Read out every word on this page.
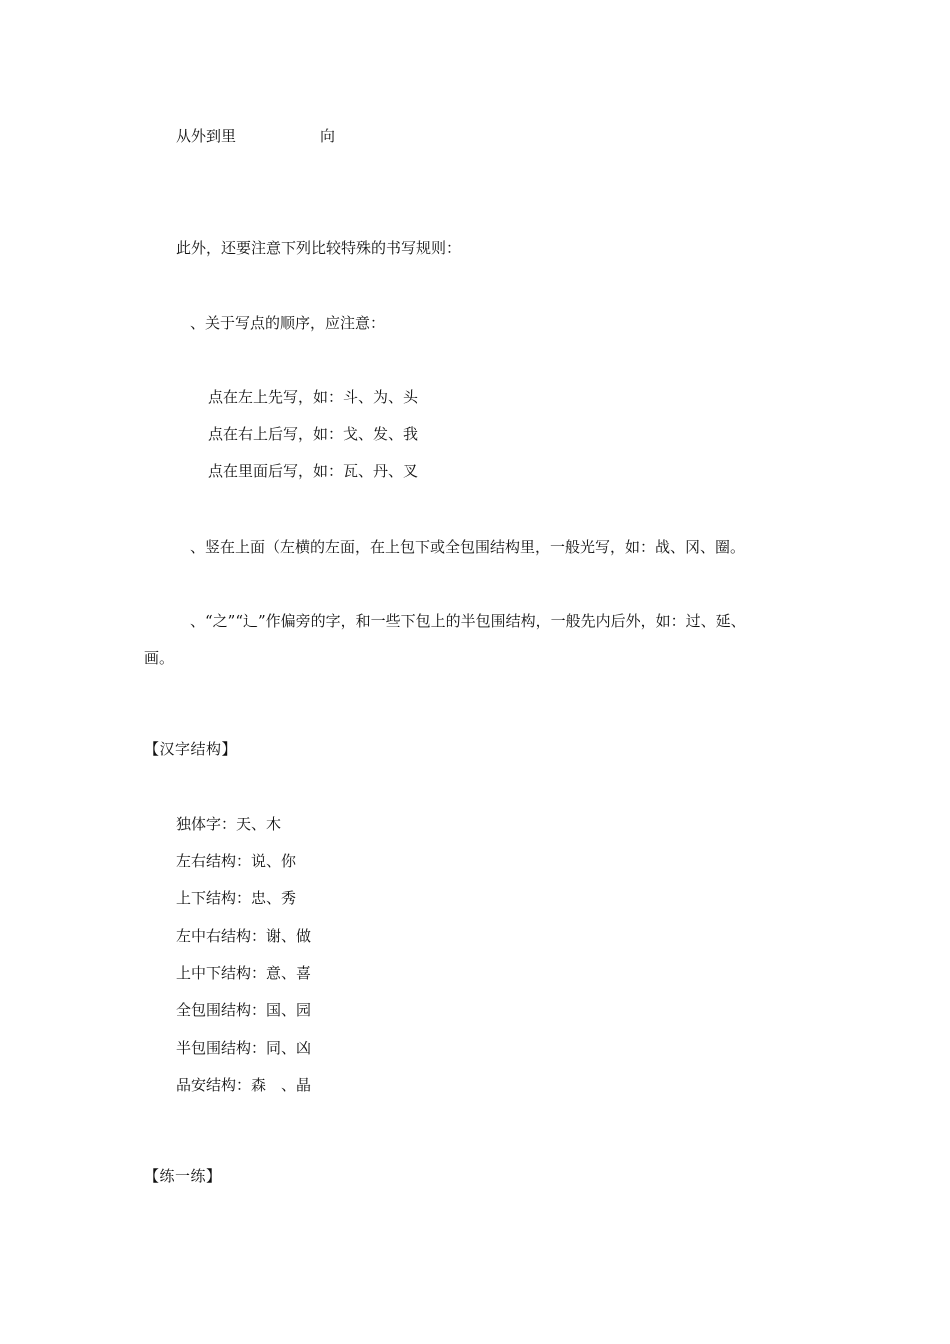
从外到里	向

此外，还要注意下列比较特殊的书写规则：

、关于写点的顺序，应注意：

点在左上先写，如：斗、为、头

点在右上后写，如：戈、发、我

点在里面后写，如：瓦、丹、叉

、竖在上面（左横的左面，在上包下或全包围结构里，一般光写，如：战、冈、圈。

、“之”“辶”作偏旁的字，和一些下包上的半包围结构，一般先内后外，如：过、延、

画。

【汉字结构】

独体字：天、木

左右结构：说、你

上下结构：忠、秀

左中右结构：谢、做

上中下结构：意、喜

全包围结构：国、园

半包围结构：同、凶

品安结构：森　、晶

【练一练】
